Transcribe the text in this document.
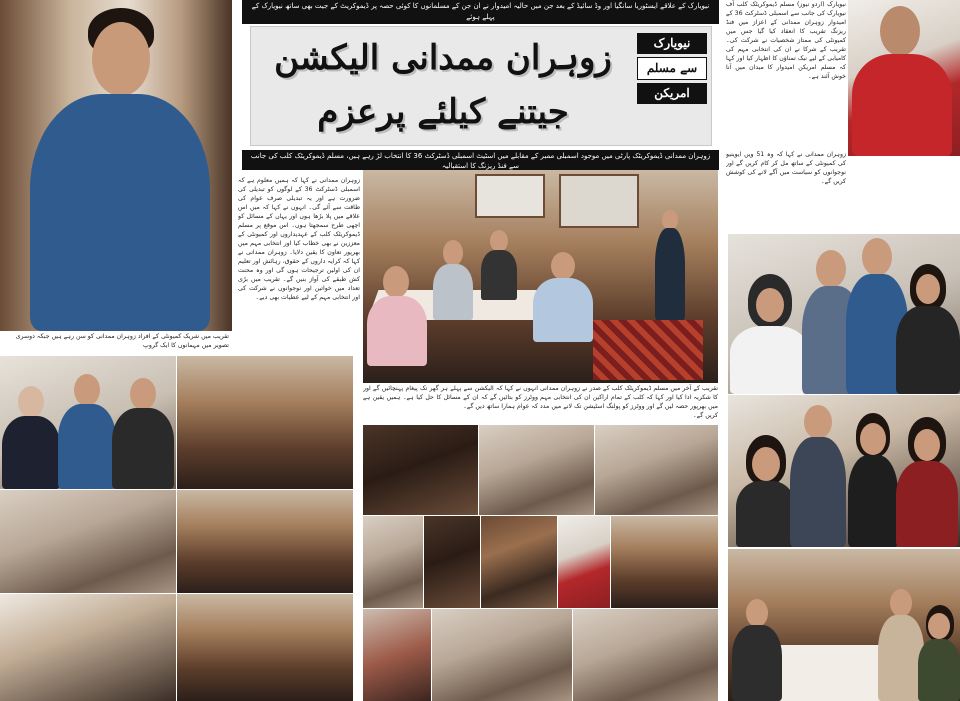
تقریب میں شریک کمیونٹی کے افراد زوہران ممدانی کو سن رہے ہیں جبکہ دوسری تصویر میں مہمانوں کا ایک گروپ
نیویارک کے علاقے ایسٹوریا سانگیا اور وڈ سائیڈ کے بعد جن میں حالیہ امیدوار نے ان جن کے مسلمانوں کا کوئی حصہ پر ڈیموکریٹ کے جیت بھی ساتھ نیویارک کے پہلے ہوئے
زوہران ممدانی الیکشن جیتنے کیلئے پرعزم
نیویارک
سے مسلم
امریکن
زوہران ممدانی ڈیموکریٹک پارٹی میں موجود اسمبلی ممبر کے مقابلے میں اسٹیٹ اسمبلی ڈسٹرکٹ 36 کا انتخاب لڑ رہے ہیں، مسلم ڈیموکریٹک کلب کی جانب سے فنڈ ریزنگ کا استقبالیہ
نیویارک (اردو نیوز) مسلم ڈیموکریٹک کلب آف نیویارک کی جانب سے اسمبلی ڈسٹرکٹ 36 کے امیدوار زوہران ممدانی کے اعزاز میں فنڈ ریزنگ تقریب کا انعقاد کیا گیا جس میں کمیونٹی کی ممتاز شخصیات نے شرکت کی۔ تقریب کے شرکا نے ان کی انتخابی مہم کی کامیابی کے لیے نیک تمناؤں کا اظہار کیا اور کہا کہ مسلم امریکن امیدوار کا میدان میں آنا خوش آئند ہے۔
زوہران ممدانی نے کہا کہ وہ 51 ویں ایوینیو کی کمیونٹی کے ساتھ مل کر کام کریں گے اور نوجوانوں کو سیاست میں آگے لانے کی کوشش کریں گے۔
زوہران ممدانی نے کہا کہ ہمیں معلوم ہے کہ اسمبلی ڈسٹرکٹ 36 کے لوگوں کو تبدیلی کی ضرورت ہے اور یہ تبدیلی صرف عوام کی طاقت سے آئے گی۔ انہوں نے کہا کہ میں اس علاقے میں پلا بڑھا ہوں اور یہاں کے مسائل کو اچھی طرح سمجھتا ہوں۔ اس موقع پر مسلم ڈیموکریٹک کلب کے عہدیداروں اور کمیونٹی کے معززین نے بھی خطاب کیا اور انتخابی مہم میں بھرپور تعاون کا یقین دلایا۔ زوہران ممدانی نے کہا کہ کرایہ داروں کے حقوق، رہائش اور تعلیم ان کی اولین ترجیحات ہوں گی اور وہ محنت کش طبقے کی آواز بنیں گے۔ تقریب میں بڑی تعداد میں خواتین اور نوجوانوں نے شرکت کی اور انتخابی مہم کے لیے عطیات بھی دیے۔
انہوں نے کہا کہ الیکشن سے پہلے ہر گھر تک پیغام پہنچائیں گے اور ووٹرز کو بتائیں گے کہ ان کے مسائل کا حل کیا ہے۔ ہمیں یقین ہے کہ عوام ہمارا ساتھ دیں گے۔
تقریب کے آخر میں مسلم ڈیموکریٹک کلب کے صدر نے زوہران ممدانی کا شکریہ ادا کیا اور کہا کہ کلب کے تمام اراکین ان کی انتخابی مہم میں بھرپور حصہ لیں گے اور ووٹرز کو پولنگ اسٹیشن تک لانے میں مدد کریں گے۔
